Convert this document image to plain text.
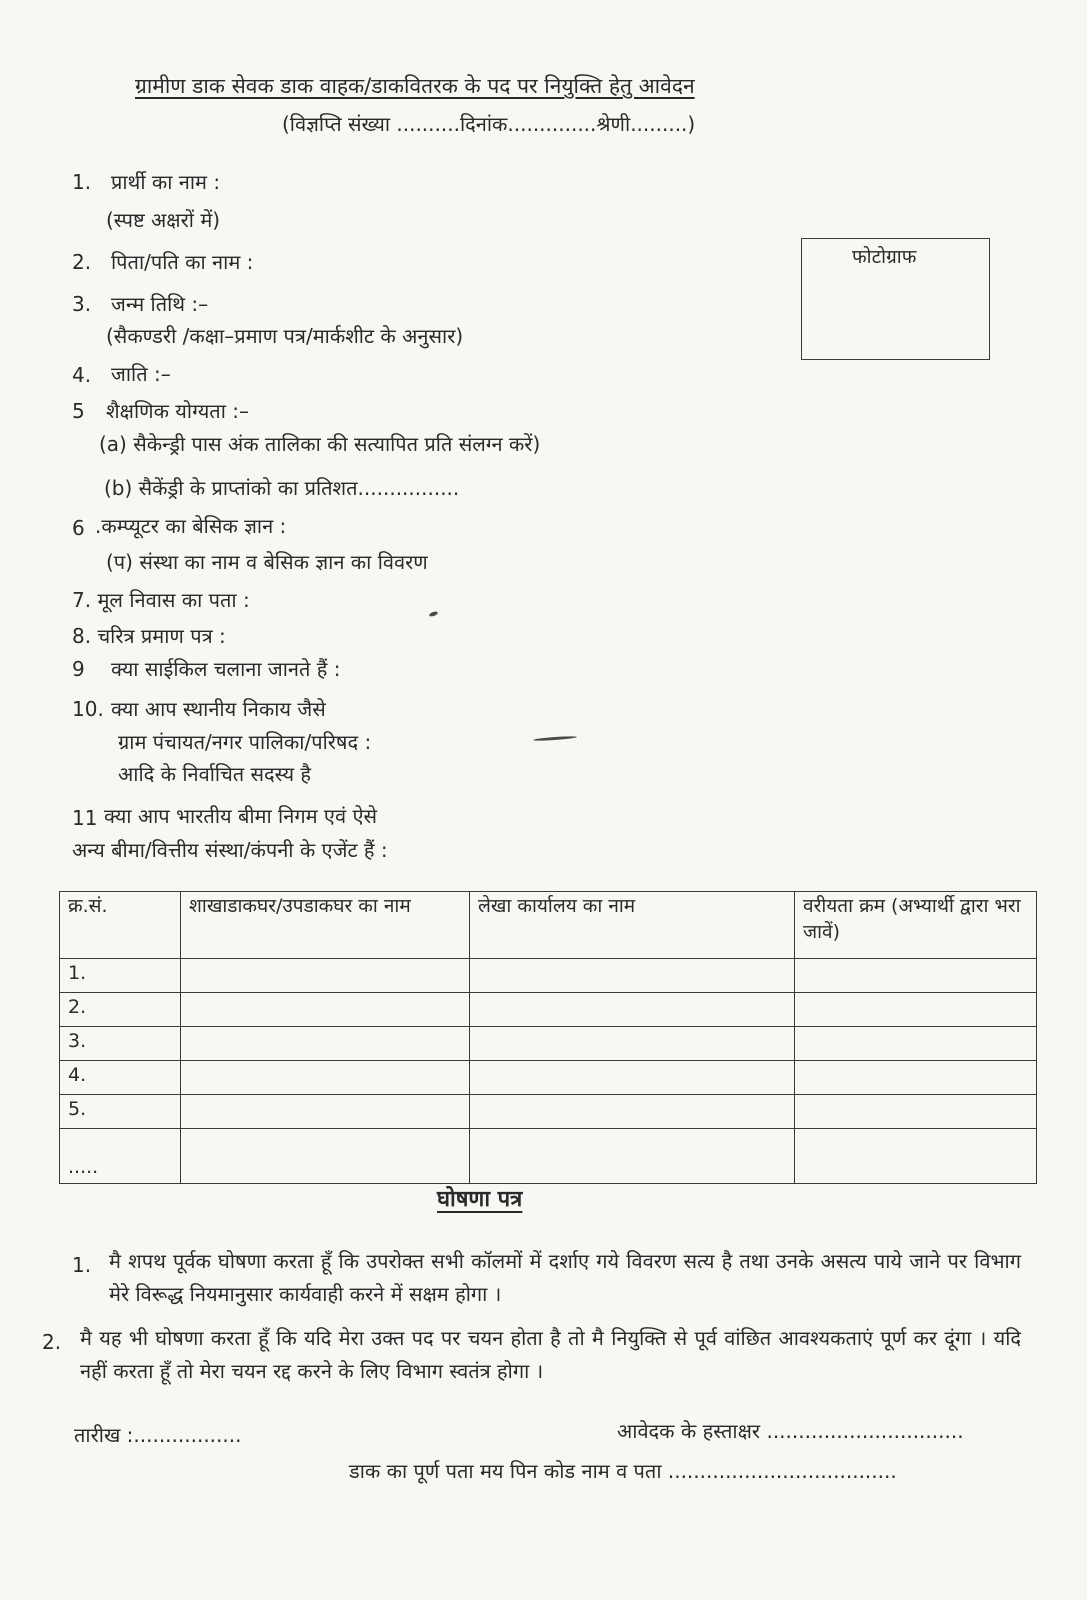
ग्रामीण डाक सेवक डाक वाहक/डाकवितरक के पद पर नियुक्ति हेतु आवेदन
(विज्ञप्ति संख्या ..........दिनांक..............श्रेणी.........)
1. प्रार्थी का नाम :
(स्पष्ट अक्षरों में)
2. पिता/पति का नाम :	फोटोग्राफ
3. जन्म तिथि :–
(सैकण्डरी /कक्षा–प्रमाण पत्र/मार्कशीट के अनुसार)
4. जाति :–
5 शैक्षणिक योग्यता :–
(a) सैकेन्ड्री पास अंक तालिका की सत्यापित प्रति संलग्न करें)
(b) सैकेंड्री के प्राप्तांको का प्रतिशत................
6 .कम्प्यूटर का बेसिक ज्ञान :
(प) संस्था का नाम व बेसिक ज्ञान का विवरण
7. मूल निवास का पता :
8. चरित्र प्रमाण पत्र :
9 क्या साईकिल चलाना जानते हैं :
10. क्या आप स्थानीय निकाय जैसे
ग्राम पंचायत/नगर पालिका/परिषद :
आदि के निर्वाचित सदस्य है
11 क्या आप भारतीय बीमा निगम एवं ऐसे
अन्य बीमा/वित्तीय संस्था/कंपनी के एजेंट हैं :
क्र.सं.	शाखाडाकघर/उपडाकघर का नाम	लेखा कार्यालय का नाम	वरीयता क्रम (अभ्यार्थी द्वारा भरा जावें)
1.			
2.			
3.			
4.			
5.			
.....			
घोषणा पत्र
1. मै शपथ पूर्वक घोषणा करता हूँ कि उपरोक्त सभी कॉलमों में दर्शाए गये विवरण सत्य है तथा उनके असत्य पाये जाने पर विभाग मेरे विरूद्ध नियमानुसार कार्यवाही करने में सक्षम होगा ।
2. मै यह भी घोषणा करता हूँ कि यदि मेरा उक्त पद पर चयन होता है तो मै नियुक्ति से पूर्व वांछित आवश्यकताएं पूर्ण कर दूंगा । यदि नहीं करता हूँ तो मेरा चयन रद्द करने के लिए विभाग स्वतंत्र होगा ।
तारीख :.................	आवेदक के हस्ताक्षर ...............................
डाक का पूर्ण पता मय पिन कोड नाम व पता ....................................
